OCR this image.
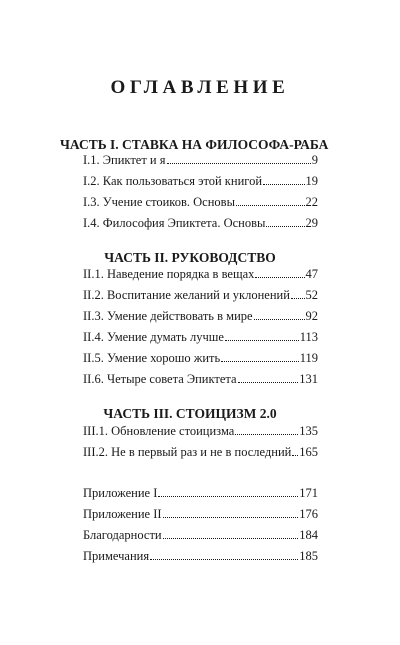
ОГЛАВЛЕНИЕ
ЧАСТЬ I. СТАВКА НА ФИЛОСОФА-РАБА
I.1. Эпиктет и я	9
I.2. Как пользоваться этой книгой	19
I.3. Учение стоиков. Основы	22
I.4. Философия Эпиктета. Основы	29
ЧАСТЬ II. РУКОВОДСТВО
II.1. Наведение порядка в вещах	47
II.2. Воспитание желаний и уклонений 52
II.3. Умение действовать в мире	92
II.4. Умение думать лучше	113
II.5. Умение хорошо жить	119
II.6. Четыре совета Эпиктета	131
ЧАСТЬ III. СТОИЦИЗМ 2.0
III.1. Обновление стоицизма	135
III.2. Не в первый раз и не в последний 165
Приложение I	171
Приложение II	176
Благодарности	184
Примечания	185
